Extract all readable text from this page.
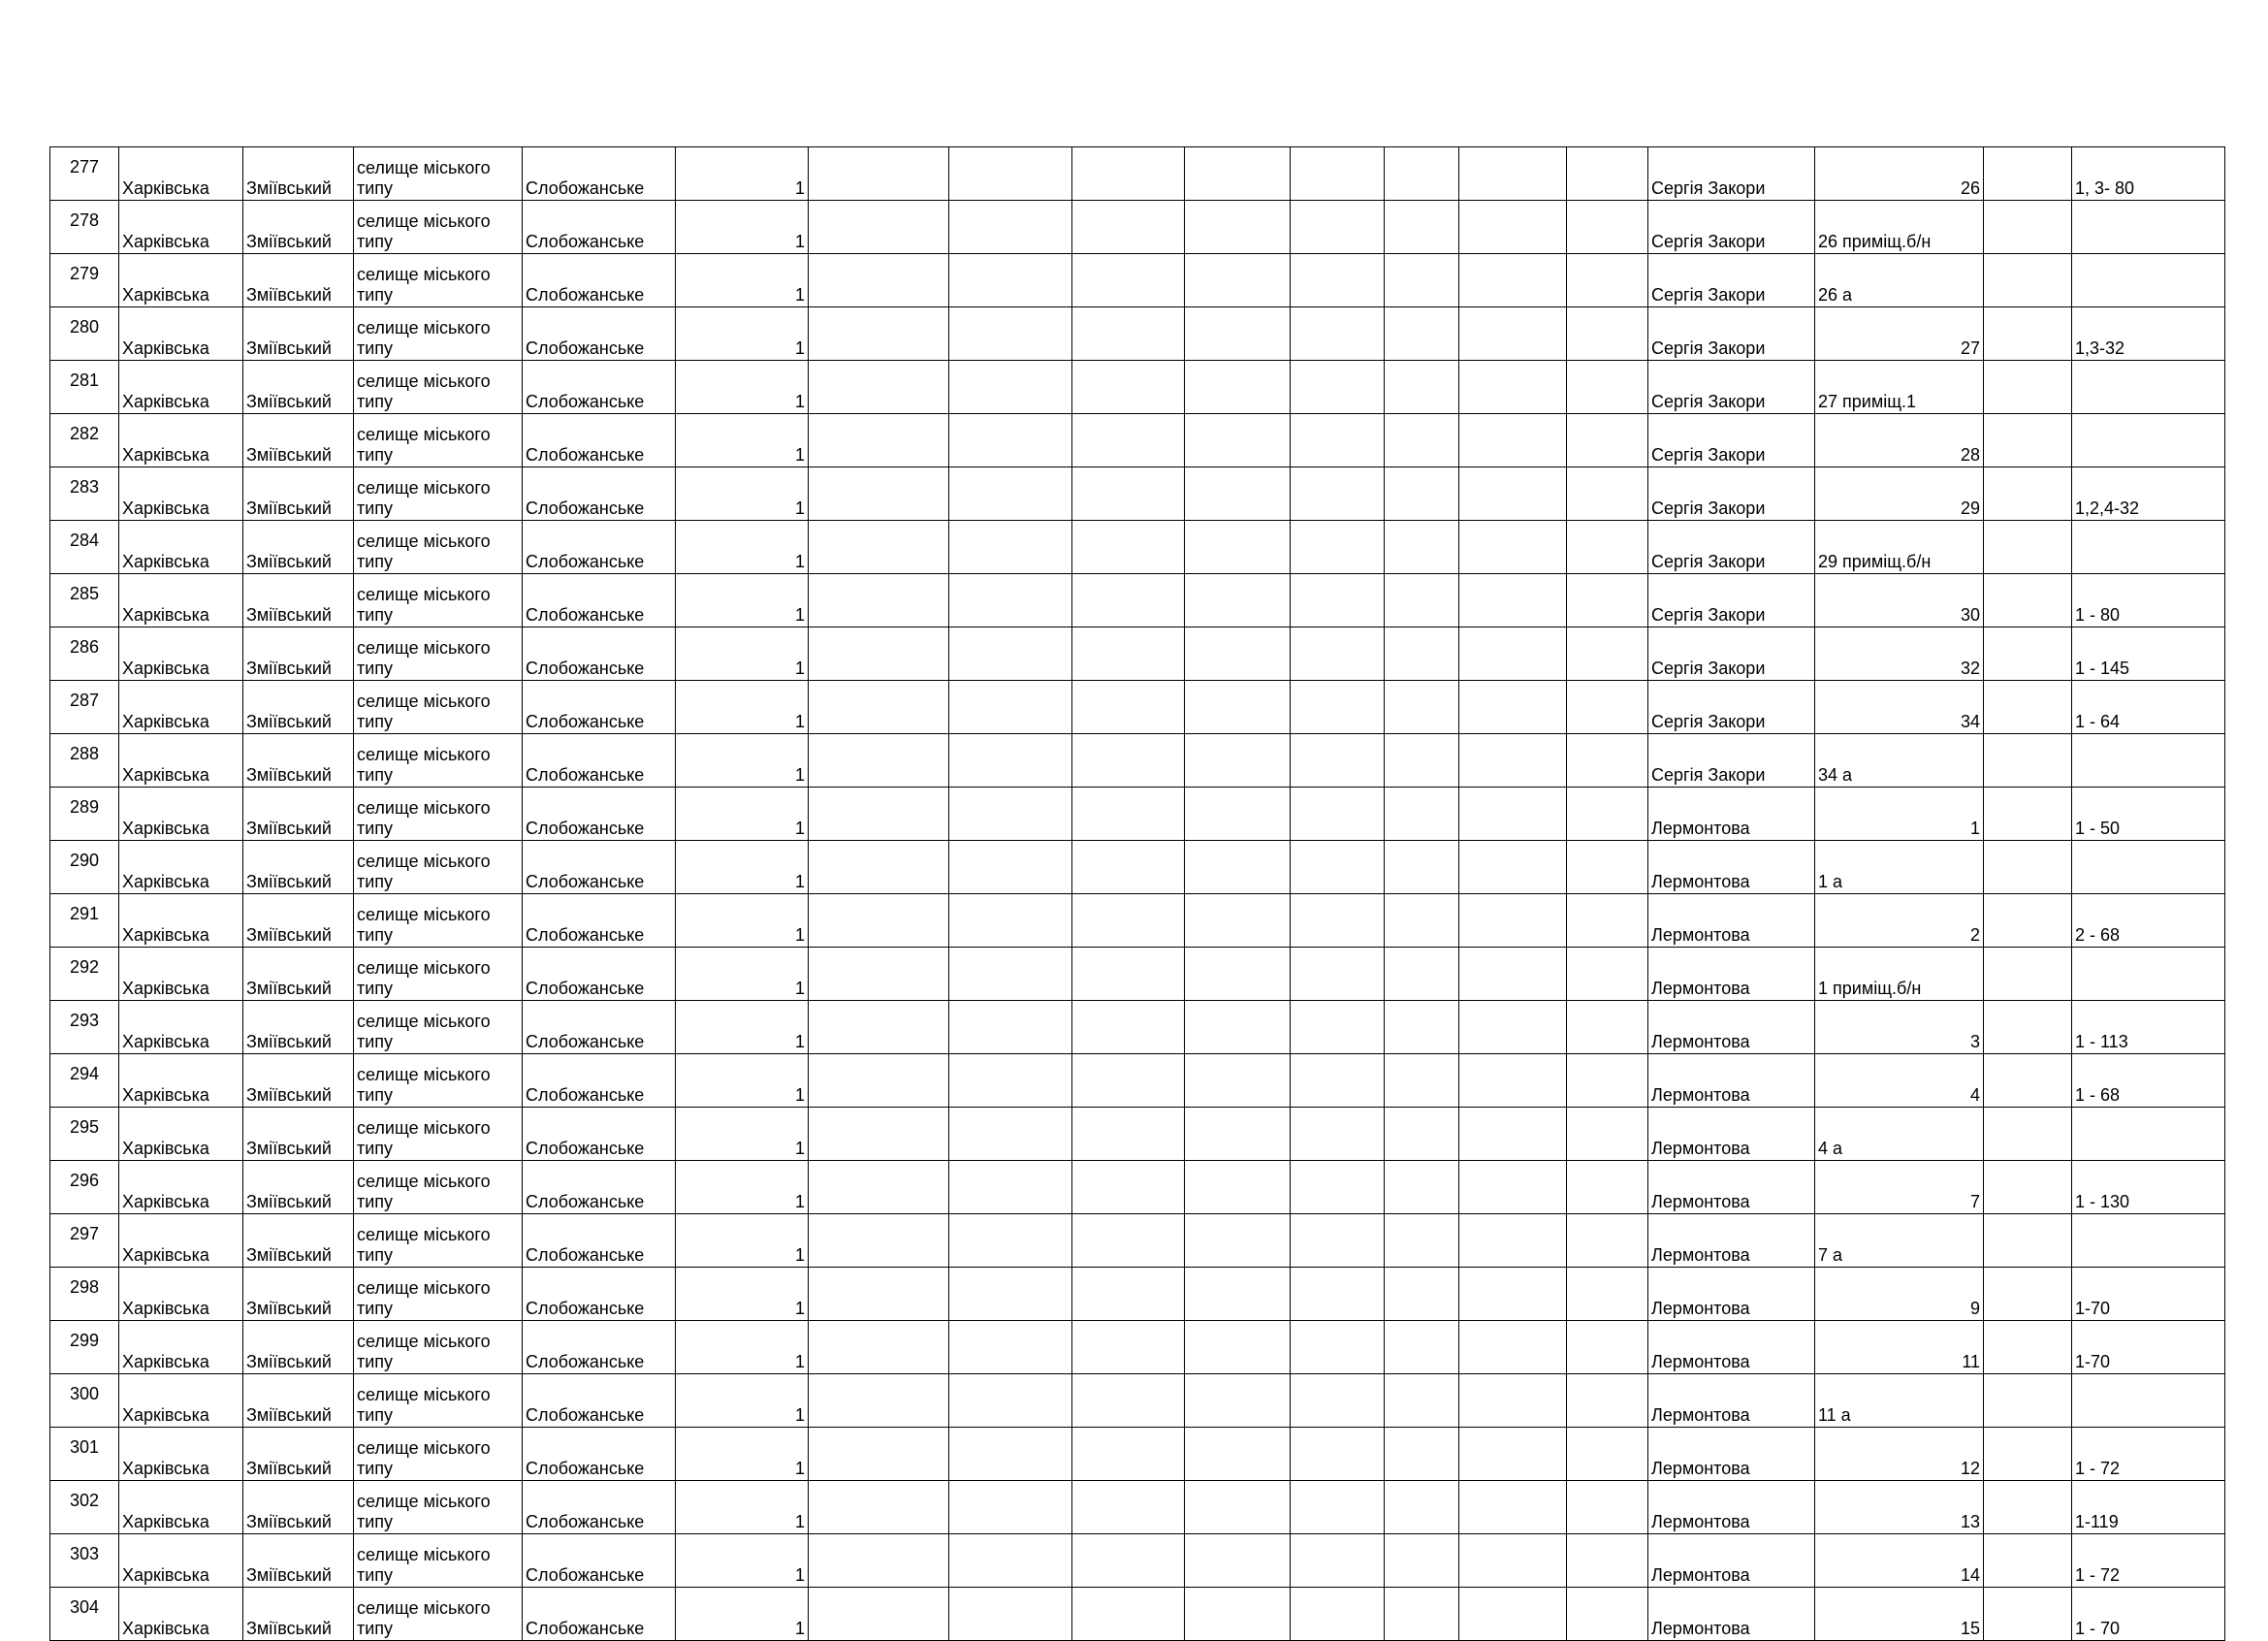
277	Харківська	Зміївський	селище міського типу	Слобожанське	1									Сергія Закори	26		1, 3- 80
278	Харківська	Зміївський	селище міського типу	Слобожанське	1									Сергія Закори	26 приміщ.б/н		
279	Харківська	Зміївський	селище міського типу	Слобожанське	1									Сергія Закори	26 а		
280	Харківська	Зміївський	селище міського типу	Слобожанське	1									Сергія Закори	27		1,3-32
281	Харківська	Зміївський	селище міського типу	Слобожанське	1									Сергія Закори	27 приміщ.1		
282	Харківська	Зміївський	селище міського типу	Слобожанське	1									Сергія Закори	28		
283	Харківська	Зміївський	селище міського типу	Слобожанське	1									Сергія Закори	29		1,2,4-32
284	Харківська	Зміївський	селище міського типу	Слобожанське	1									Сергія Закори	29 приміщ.б/н		
285	Харківська	Зміївський	селище міського типу	Слобожанське	1									Сергія Закори	30		1 - 80
286	Харківська	Зміївський	селище міського типу	Слобожанське	1									Сергія Закори	32		1 - 145
287	Харківська	Зміївський	селище міського типу	Слобожанське	1									Сергія Закори	34		1 - 64
288	Харківська	Зміївський	селище міського типу	Слобожанське	1									Сергія Закори	34 а		
289	Харківська	Зміївський	селище міського типу	Слобожанське	1									Лермонтова	1		1 - 50
290	Харківська	Зміївський	селище міського типу	Слобожанське	1									Лермонтова	1 а		
291	Харківська	Зміївський	селище міського типу	Слобожанське	1									Лермонтова	2		2 - 68
292	Харківська	Зміївський	селище міського типу	Слобожанське	1									Лермонтова	1 приміщ.б/н		
293	Харківська	Зміївський	селище міського типу	Слобожанське	1									Лермонтова	3		1 - 113
294	Харківська	Зміївський	селище міського типу	Слобожанське	1									Лермонтова	4		1 - 68
295	Харківська	Зміївський	селище міського типу	Слобожанське	1									Лермонтова	4 а		
296	Харківська	Зміївський	селище міського типу	Слобожанське	1									Лермонтова	7		1 - 130
297	Харківська	Зміївський	селище міського типу	Слобожанське	1									Лермонтова	7 а		
298	Харківська	Зміївський	селище міського типу	Слобожанське	1									Лермонтова	9		1-70
299	Харківська	Зміївський	селище міського типу	Слобожанське	1									Лермонтова	11		1-70
300	Харківська	Зміївський	селище міського типу	Слобожанське	1									Лермонтова	11 а		
301	Харківська	Зміївський	селище міського типу	Слобожанське	1									Лермонтова	12		1 - 72
302	Харківська	Зміївський	селище міського типу	Слобожанське	1									Лермонтова	13		1-119
303	Харківська	Зміївський	селище міського типу	Слобожанське	1									Лермонтова	14		1 - 72
304	Харківська	Зміївський	селище міського типу	Слобожанське	1									Лермонтова	15		1 - 70
